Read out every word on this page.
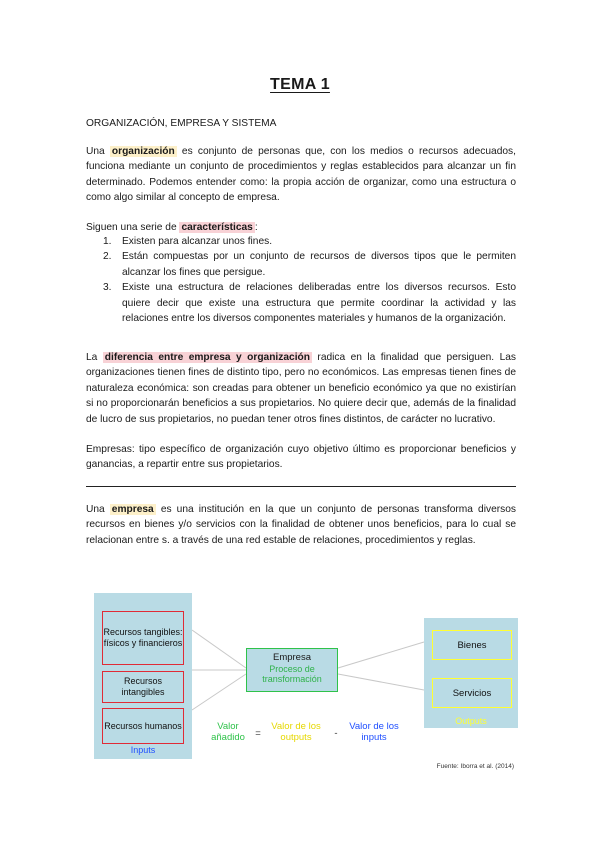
TEMA 1
ORGANIZACIÓN, EMPRESA Y SISTEMA
Una organización es conjunto de personas que, con los medios o recursos adecuados, funciona mediante un conjunto de procedimientos y reglas establecidos para alcanzar un fin determinado. Podemos entender como: la propia acción de organizar, como una estructura o como algo similar al concepto de empresa.
Siguen una serie de características :
1. Existen para alcanzar unos fines.
2. Están compuestas por un conjunto de recursos de diversos tipos que le permiten alcanzar los fines que persigue.
3. Existe una estructura de relaciones deliberadas entre los diversos recursos. Esto quiere decir que existe una estructura que permite coordinar la actividad y las relaciones entre los diversos componentes materiales y humanos de la organización.
La diferencia entre empresa y organización radica en la finalidad que persiguen. Las organizaciones tienen fines de distinto tipo, pero no económicos. Las empresas tienen fines de naturaleza económica: son creadas para obtener un beneficio económico ya que no existirían si no proporcionarán beneficios a sus propietarios. No quiere decir que, además de la finalidad de lucro de sus propietarios, no puedan tener otros fines distintos, de carácter no lucrativo.
Empresas: tipo específico de organización cuyo objetivo último es proporcionar beneficios y ganancias, a repartir entre sus propietarios.
Una empresa es una institución en la que un conjunto de personas transforma diversos recursos en bienes y/o servicios con la finalidad de obtener unos beneficios, para lo cual se relacionan entre s. a través de una red estable de relaciones, procedimientos y reglas.
Recursos tangibles: físicos y financieros
Recursos intangibles
Recursos humanos
Inputs
Empresa
Proceso de transformación
Bienes
Servicios
Outputs
Valor añadido	=
Valor de los outputs	-
Valor de los inputs
Fuente: Iborra et al. (2014)
